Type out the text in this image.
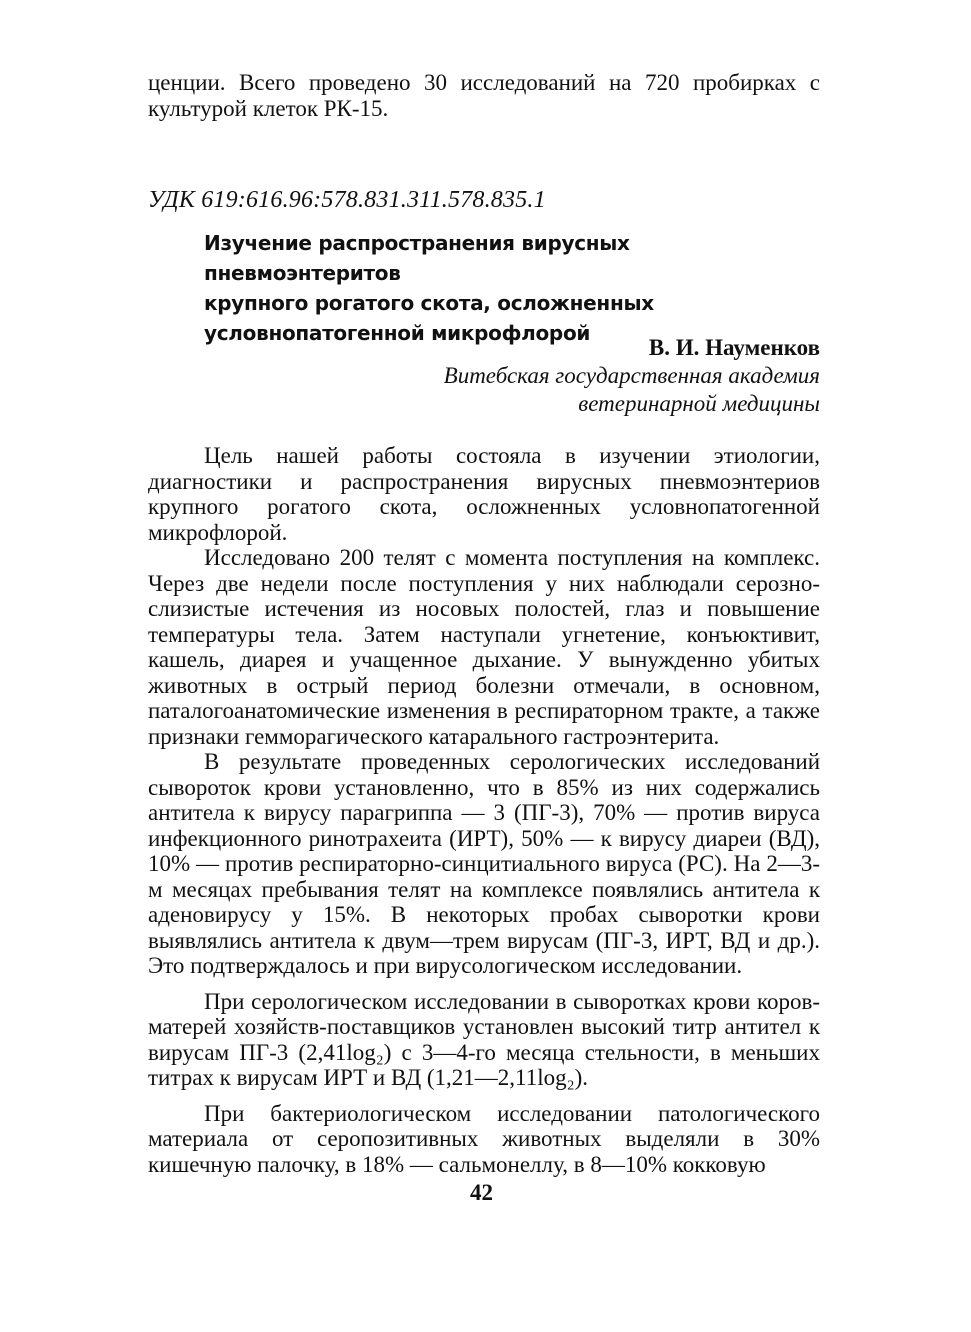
ценции. Всего проведено 30 исследований на 720 пробирках с культурой клеток РК-15.

УДК 619:616.96:578.831.311.578.835.1
Изучение распространения вирусных пневмоэнтеритов
крупного рогатого скота, осложненных
условнопатогенной микрофлорой
В. И. Науменков
Витебская государственная академия
ветеринарной медицины

Цель нашей работы состояла в изучении этиологии, диагностики и распространения вирусных пневмоэнтериов крупного рогатого скота, осложненных условнопатогенной микрофлорой.

Исследовано 200 телят с момента поступления на комплекс. Через две недели после поступления у них наблюдали серозно-слизистые истечения из носовых полостей, глаз и повышение температуры тела. Затем наступали угнетение, конъюктивит, кашель, диарея и учащенное дыхание. У вынужденно убитых животных в острый период болезни отмечали, в основном, паталогоанатомические изменения в респираторном тракте, а также признаки гемморагического катарального гастроэнтерита.

В результате проведенных серологических исследований сывороток крови установленно, что в 85% из них содержались антитела к вирусу парагриппа — 3 (ПГ-3), 70% — против вируса инфекционного ринотрахеита (ИРТ), 50% — к вирусу диареи (ВД), 10% — против респираторно-синцитиального вируса (РС). На 2—3-м месяцах пребывания телят на комплексе появлялись антитела к аденовирусу у 15%. В некоторых пробах сыворотки крови выявлялись антитела к двум—трем вирусам (ПГ-3, ИРТ, ВД и др.). Это подтверждалось и при вирусологическом исследовании.

При серологическом исследовании в сыворотках крови коров-матерей хозяйств-поставщиков установлен высокий титр антител к вирусам ПГ-3 (2,41log₂) с 3—4-го месяца стельности, в меньших титрах к вирусам ИРТ и ВД (1,21—2,11log₂).

При бактериологическом исследовании патологического материала от серопозитивных животных выделяли в 30% кишечную палочку, в 18% — сальмонеллу, в 8—10% кокковую

42
